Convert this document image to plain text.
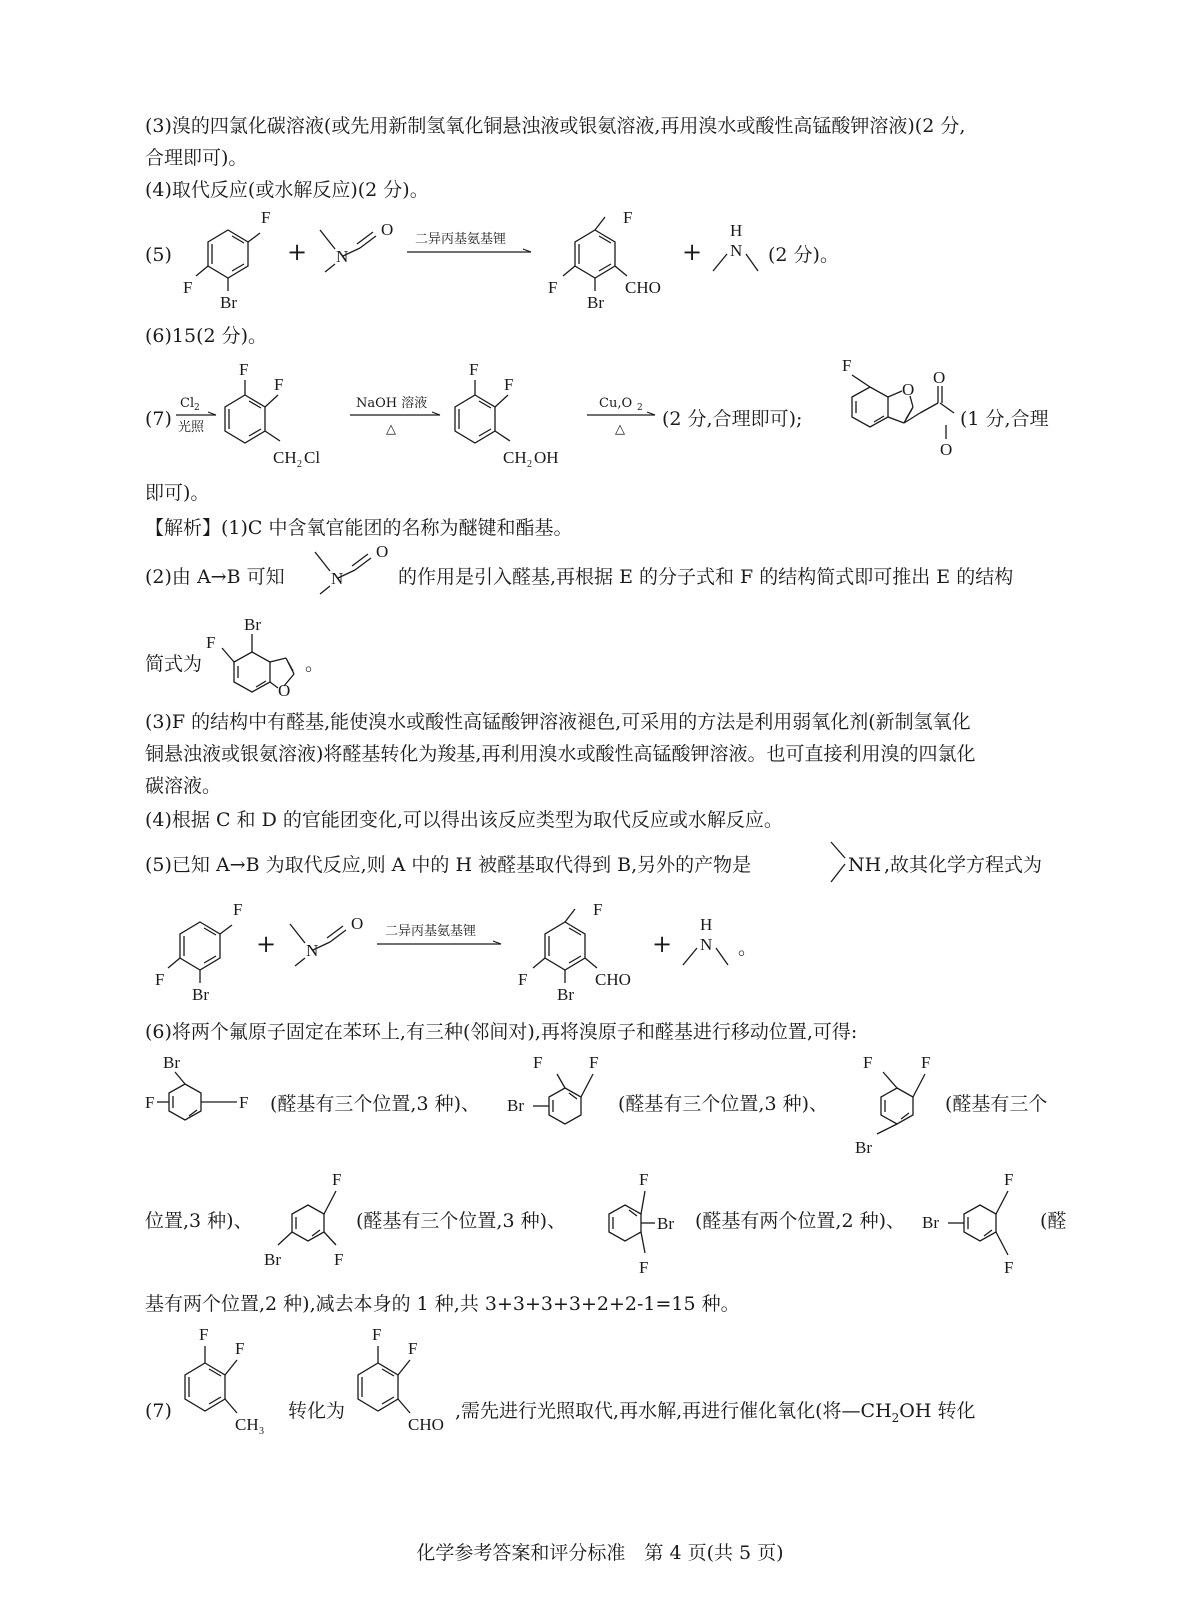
(3)溴的四氯化碳溶液(或先用新制氢氧化铜悬浊液或银氨溶液,再用溴水或酸性高锰酸钾溶液)(2 分,
合理即可)。
(4)取代反应(或水解反应)(2 分)。
(5)
F
F
Br
+ N
O
二异丙基氨基锂
F
F
Br
CHO
+
H
N (2 分)。
(6)15(2 分)。
(7)
Cl 2
光照
F
F
CH 2 Cl
NaOH 溶液
△
F
F
CH 2 OH
Cu,O 2
△ (2 分,合理即可);
F
O
O
O
(1 分,合理
即可)。
【解析】(1)C 中含氧官能团的名称为醚键和酯基。
(2)由 A→B 可知	N
O
的作用是引入醛基,再根据 E 的分子式和 F 的结构简式即可推出 E 的结构
简式为
Br
F
O
。
(3)F 的结构中有醛基,能使溴水或酸性高锰酸钾溶液褪色,可采用的方法是利用弱氧化剂(新制氢氧化
铜悬浊液或银氨溶液)将醛基转化为羧基,再利用溴水或酸性高锰酸钾溶液。也可直接利用溴的四氯化
碳溶液。
(4)根据 C 和 D 的官能团变化,可以得出该反应类型为取代反应或水解反应。
(5)已知 A→B 为取代反应,则 A 中的 H 被醛基取代得到 B,另外的产物是	NH ,故其化学方程式为
F
F
Br
+ N
O 二异丙基氨基锂
F
F
Br
CHO
+
H
N 。
(6)将两个氟原子固定在苯环上,有三种(邻间对),再将溴原子和醛基进行移动位置,可得:
Br
F	F (醛基有三个位置,3 种)、
F	F
Br	(醛基有三个位置,3 种)、
F	F
Br
(醛基有三个
位置,3 种)、
F
Br	F
(醛基有三个位置,3 种)、
F
Br
F
(醛基有两个位置,2 种)、
F
Br
F
(醛
基有两个位置,2 种),减去本身的 1 种,共 3+3+3+3+2+2-1=15 种。
(7)
F
F
CH 3
转化为
F
F
CHO
,需先进行光照取代,再水解,再进行催化氧化(将$—CH_2OH$ 转化
化学参考答案和评分标准　第 4 页(共 5 页)
